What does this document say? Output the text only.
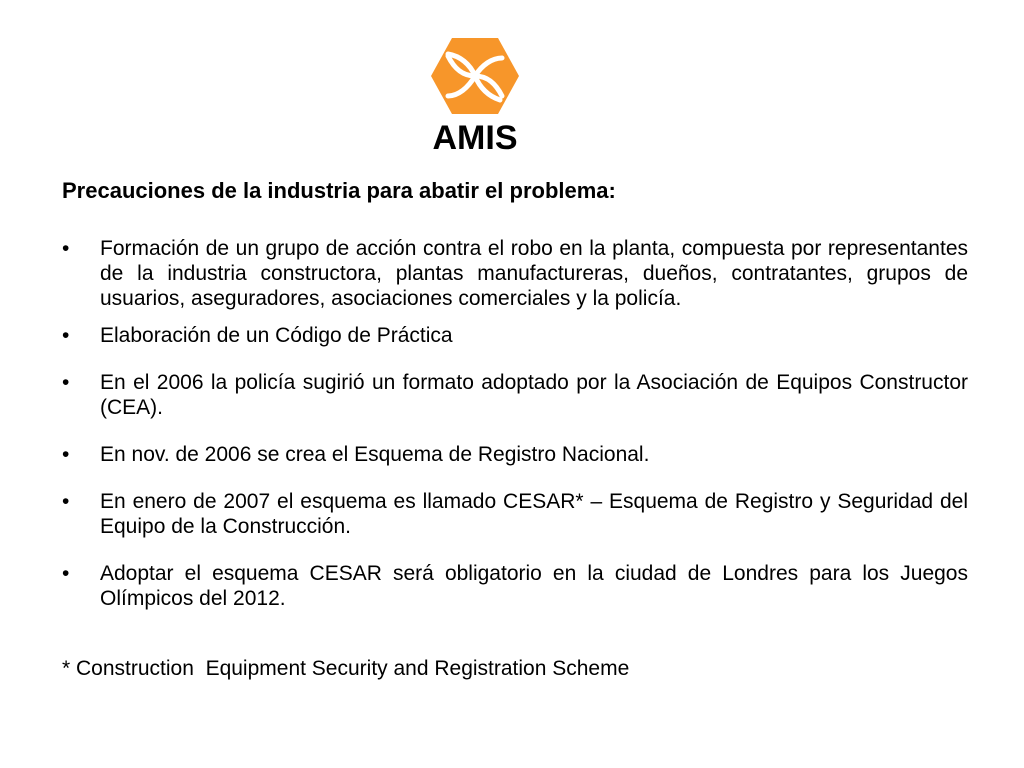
AMIS
Precauciones de la industria para abatir el problema:
•	Formación de un grupo de acción contra el robo en la planta, compuesta por representantes de la industria constructora, plantas manufactureras, dueños, contratantes, grupos de usuarios, aseguradores, asociaciones comerciales y la policía.
•	Elaboración de un Código de Práctica
•	En el 2006 la policía sugirió un formato adoptado por la Asociación de Equipos Constructor (CEA).
•	En nov. de 2006 se crea el Esquema de Registro Nacional.
•	En enero de 2007 el esquema es llamado CESAR* – Esquema de Registro y Seguridad del Equipo de la Construcción.
•	Adoptar el esquema CESAR será obligatorio en la ciudad de Londres para los Juegos Olímpicos del 2012.
* Construction  Equipment Security and Registration Scheme
